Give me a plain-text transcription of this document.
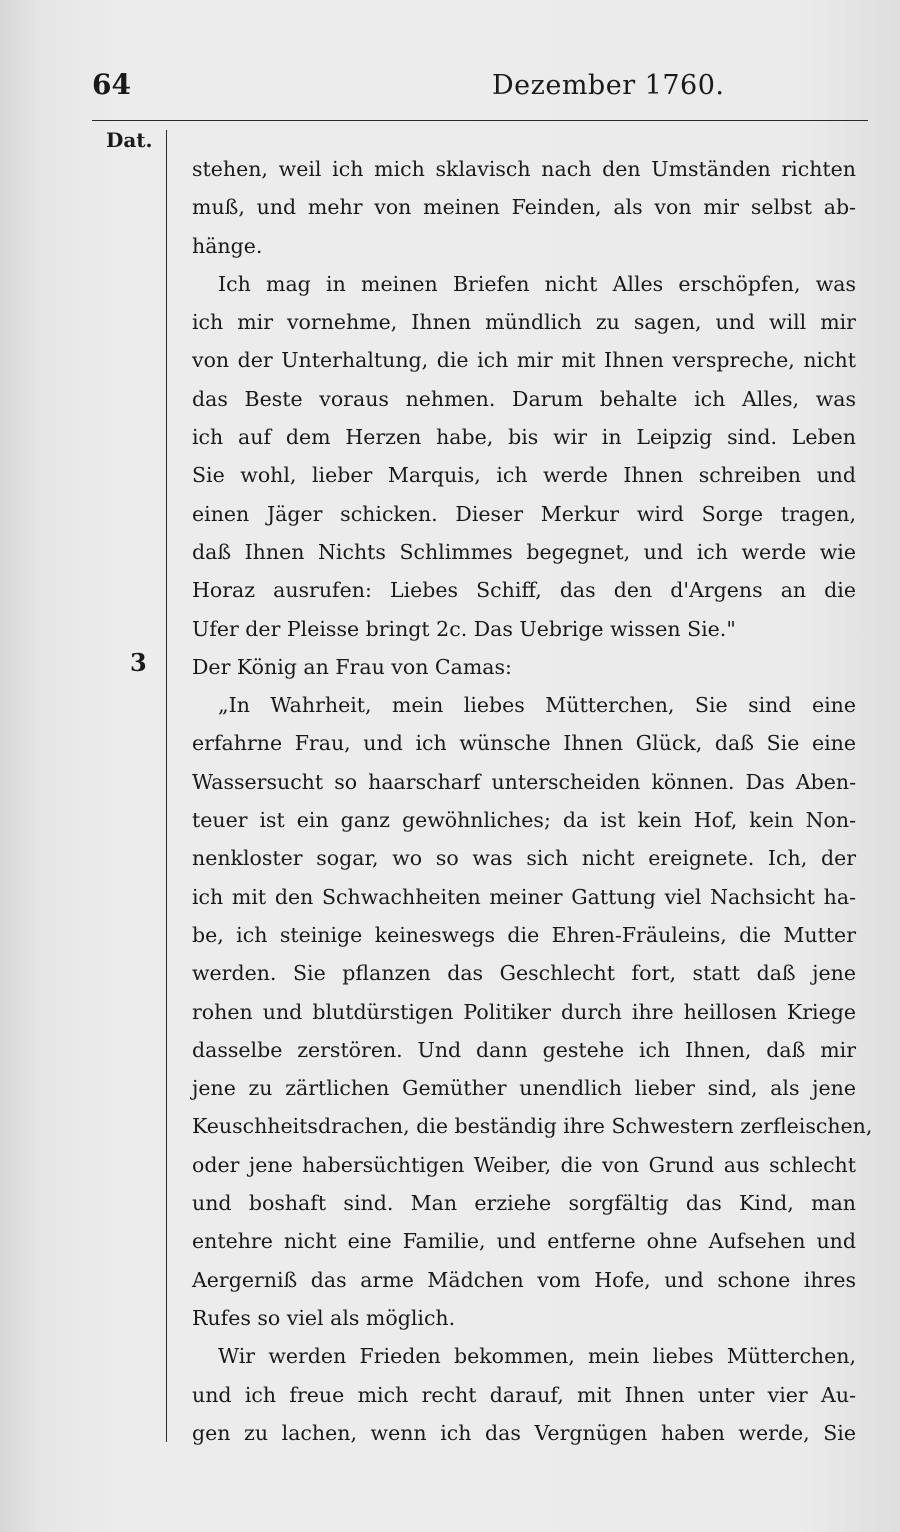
64	Dezember 1760.
Dat.
3
stehen, weil ich mich sklavisch nach den Umständen richten
muß, und mehr von meinen Feinden, als von mir selbst ab-
hänge.
Ich mag in meinen Briefen nicht Alles erschöpfen, was
ich mir vornehme, Ihnen mündlich zu sagen, und will mir
von der Unterhaltung, die ich mir mit Ihnen verspreche, nicht
das Beste voraus nehmen. Darum behalte ich Alles, was
ich auf dem Herzen habe, bis wir in Leipzig sind. Leben
Sie wohl, lieber Marquis, ich werde Ihnen schreiben und
einen Jäger schicken. Dieser Merkur wird Sorge tragen,
daß Ihnen Nichts Schlimmes begegnet, und ich werde wie
Horaz ausrufen: Liebes Schiff, das den d'Argens an die
Ufer der Pleisse bringt 2c. Das Uebrige wissen Sie."
Der König an Frau von Camas:
„In Wahrheit, mein liebes Mütterchen, Sie sind eine
erfahrne Frau, und ich wünsche Ihnen Glück, daß Sie eine
Wassersucht so haarscharf unterscheiden können. Das Aben-
teuer ist ein ganz gewöhnliches; da ist kein Hof, kein Non-
nenkloster sogar, wo so was sich nicht ereignete. Ich, der
ich mit den Schwachheiten meiner Gattung viel Nachsicht ha-
be, ich steinige keineswegs die Ehren-Fräuleins, die Mutter
werden. Sie pflanzen das Geschlecht fort, statt daß jene
rohen und blutdürstigen Politiker durch ihre heillosen Kriege
dasselbe zerstören. Und dann gestehe ich Ihnen, daß mir
jene zu zärtlichen Gemüther unendlich lieber sind, als jene
Keuschheitsdrachen, die beständig ihre Schwestern zerfleischen,
oder jene habersüchtigen Weiber, die von Grund aus schlecht
und boshaft sind. Man erziehe sorgfältig das Kind, man
entehre nicht eine Familie, und entferne ohne Aufsehen und
Aergerniß das arme Mädchen vom Hofe, und schone ihres
Rufes so viel als möglich.
Wir werden Frieden bekommen, mein liebes Mütterchen,
und ich freue mich recht darauf, mit Ihnen unter vier Au-
gen zu lachen, wenn ich das Vergnügen haben werde, Sie
